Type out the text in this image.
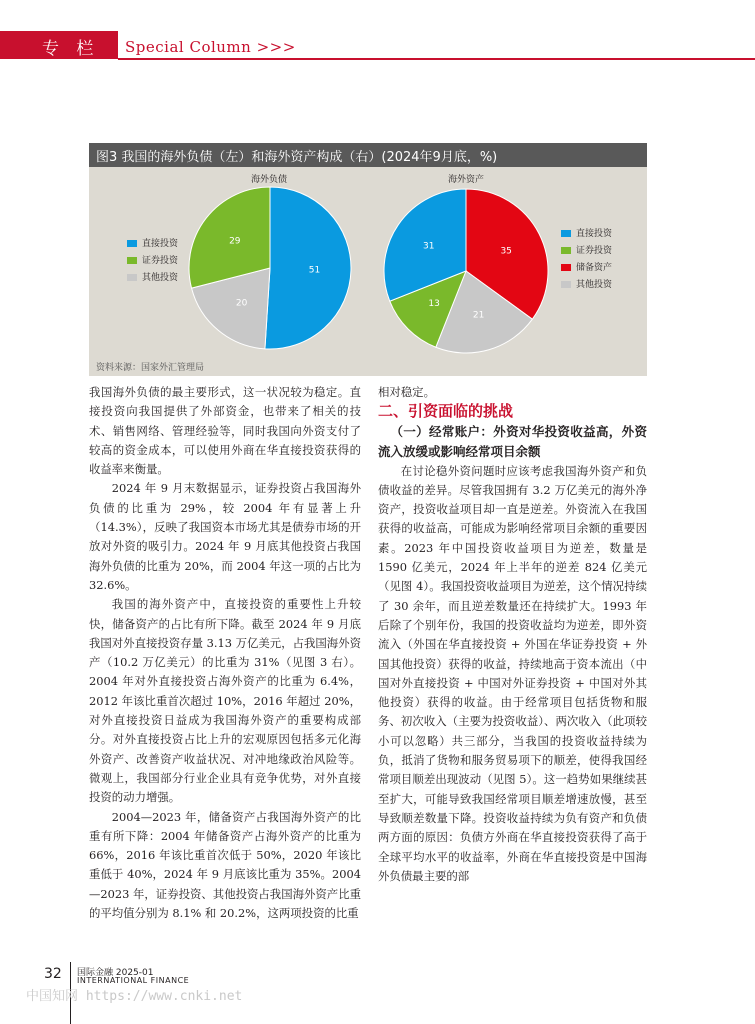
专 栏 Special Column >>>
图3 我国的海外负债（左）和海外资产构成（右）(2024年9月底，%)
海外负债
51
20
29
直接投资
证券投资
其他投资
海外资产
35
21
13
31
直接投资
证券投资
储备资产
其他投资
资料来源：国家外汇管理局

我国海外负债的最主要形式，这一状况较为稳定。直接投资向我国提供了外部资金，也带来了相关的技术、销售网络、管理经验等，同时我国向外资支付了较高的资金成本，可以使用外商在华直接投资获得的收益率来衡量。

2024 年 9 月末数据显示，证券投资占我国海外负债的比重为 29%，较 2004 年有显著上升（14.3%），反映了我国资本市场尤其是债券市场的开放对外资的吸引力。2024 年 9 月底其他投资占我国海外负债的比重为 20%，而 2004 年这一项的占比为 32.6%。

我国的海外资产中，直接投资的重要性上升较快，储备资产的占比有所下降。截至 2024 年 9 月底我国对外直接投资存量 3.13 万亿美元，占我国海外资产（10.2 万亿美元）的比重为 31%（见图 3 右）。2004 年对外直接投资占海外资产的比重为 6.4%，2012 年该比重首次超过 10%，2016 年超过 20%，对外直接投资日益成为我国海外资产的重要构成部分。对外直接投资占比上升的宏观原因包括多元化海外资产、改善资产收益状况、对冲地缘政治风险等。微观上，我国部分行业企业具有竞争优势，对外直接投资的动力增强。

2004—2023 年，储备资产占我国海外资产的比重有所下降：2004 年储备资产占海外资产的比重为 66%，2016 年该比重首次低于 50%，2020 年该比重低于 40%，2024 年 9 月底该比重为 35%。2004—2023 年，证券投资、其他投资占我国海外资产比重的平均值分别为 8.1% 和 20.2%，这两项投资的比重

相对稳定。

二、引资面临的挑战

（一）经常账户：外资对华投资收益高，外资流入放缓或影响经常项目余额

在讨论稳外资问题时应该考虑我国海外资产和负债收益的差异。尽管我国拥有 3.2 万亿美元的海外净资产，投资收益项目却一直是逆差。外资流入在我国获得的收益高，可能成为影响经常项目余额的重要因素。2023 年中国投资收益项目为逆差，数量是 1590 亿美元，2024 年上半年的逆差 824 亿美元（见图 4）。我国投资收益项目为逆差，这个情况持续了 30 余年，而且逆差数量还在持续扩大。1993 年后除了个别年份，我国的投资收益均为逆差，即外资流入（外国在华直接投资 + 外国在华证券投资 + 外国其他投资）获得的收益，持续地高于资本流出（中国对外直接投资 + 中国对外证券投资 + 中国对外其他投资）获得的收益。由于经常项目包括货物和服务、初次收入（主要为投资收益）、两次收入（此项较小可以忽略）共三部分，当我国的投资收益持续为负，抵消了货物和服务贸易项下的顺差，使得我国经常项目顺差出现波动（见图 5）。这一趋势如果继续甚至扩大，可能导致我国经常项目顺差增速放慢，甚至导致顺差数量下降。投资收益持续为负有资产和负债两方面的原因：负债方外商在华直接投资获得了高于全球平均水平的收益率，外商在华直接投资是中国海外负债最主要的部

32 国际金融 2025-01
INTERNATIONAL FINANCE
中国知网 https://www.cnki.net
